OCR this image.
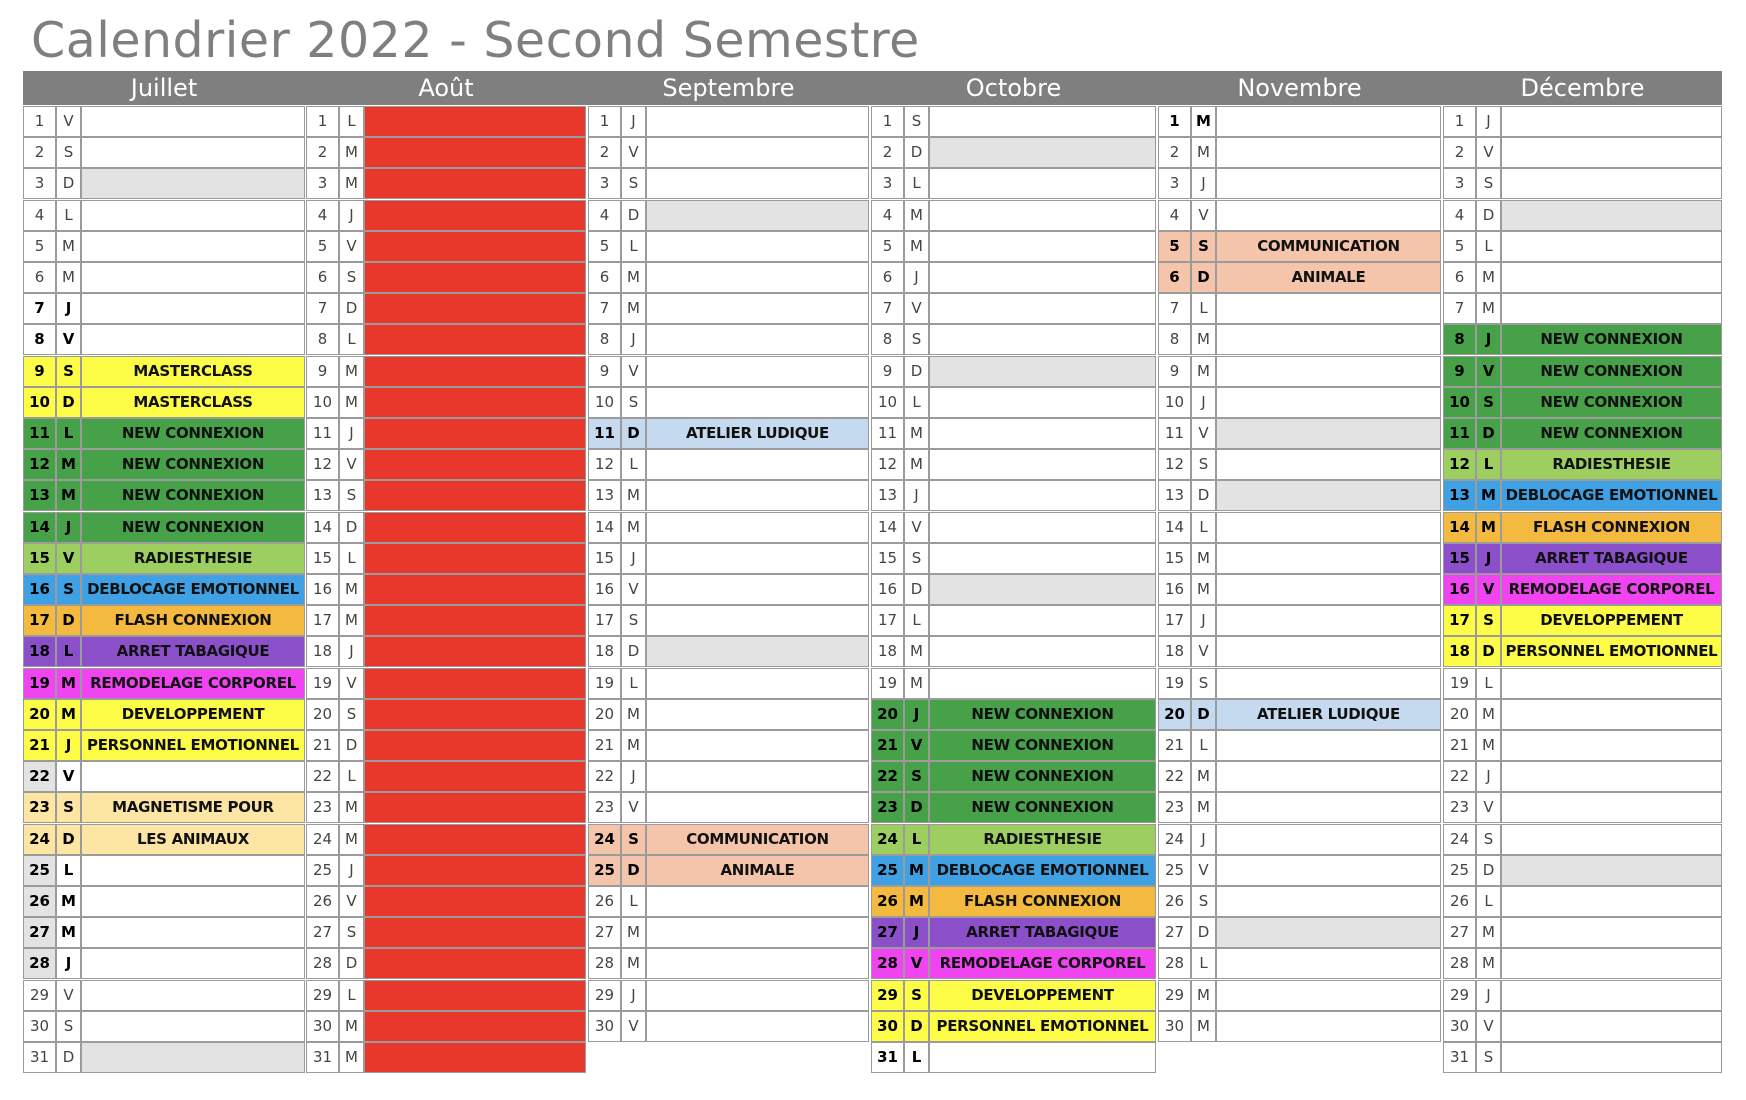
Calendrier 2022 - Second Semestre
Juillet	Août	Septembre	Octobre	Novembre	Décembre
1	V
2	S
3	D
4	L
5	M
6	M
7	J
8	V
9	S	MASTERCLASS
10 D	MASTERCLASS
11 L	NEW CONNEXION
12 M	NEW CONNEXION
13 M	NEW CONNEXION
14	J	NEW CONNEXION
15 V	RADIESTHESIE
16 S DEBLOCAGE EMOTIONNEL
17 D	FLASH CONNEXION
18 L	ARRET TABAGIQUE
19 M REMODELAGE CORPOREL
20 M	DEVELOPPEMENT
21	J	PERSONNEL EMOTIONNEL
22 V
23 S	MAGNETISME POUR
24 D	LES ANIMAUX
25 L
26 M
27 M
28	J
29 V
30 S
31 D
1	L
2	M
3	M
4	J
5	V
6	S
7	D
8	L
9	M
10 M
11	J
12 V
13 S
14 D
15	L
16 M
17 M
18	J
19 V
20 S
21 D
22	L
23 M
24 M
25	J
26 V
27 S
28 D
29	L
30 M
31 M
1	J
2	V
3	S
4	D
5	L
6	M
7	M
8	J
9	V
10 S
11 D	ATELIER LUDIQUE
12	L
13 M
14 M
15	J
16 V
17 S
18 D
19	L
20 M
21 M
22	J
23 V
24 S	COMMUNICATION
25 D	ANIMALE
26	L
27 M
28 M
29	J
30 V
1	S
2	D
3	L
4	M
5	M
6	J
7	V
8	S
9	D
10	L
11 M
12 M
13	J
14 V
15 S
16 D
17	L
18 M
19 M
20	J	NEW CONNEXION
21 V	NEW CONNEXION
22 S	NEW CONNEXION
23 D	NEW CONNEXION
24 L	RADIESTHESIE
25 M DEBLOCAGE EMOTIONNEL
26 M	FLASH CONNEXION
27	J	ARRET TABAGIQUE
28 V	REMODELAGE CORPOREL
29 S	DEVELOPPEMENT
30 D PERSONNEL EMOTIONNEL
31 L
1	M
2	M
3	J
4	V
5	S	COMMUNICATION
6	D	ANIMALE
7	L
8	M
9	M
10	J
11 V
12 S
13 D
14	L
15 M
16 M
17	J
18 V
19 S
20 D	ATELIER LUDIQUE
21	L
22 M
23 M
24	J
25 V
26 S
27 D
28	L
29 M
30 M
1	J
2	V
3	S
4	D
5	L
6	M
7	M
8	J	NEW CONNEXION
9	V	NEW CONNEXION
10 S	NEW CONNEXION
11 D	NEW CONNEXION
12 L	RADIESTHESIE
13 M DEBLOCAGE EMOTIONNEL
14 M	FLASH CONNEXION
15	J	ARRET TABAGIQUE
16 V REMODELAGE CORPOREL
17 S	DEVELOPPEMENT
18 D PERSONNEL EMOTIONNEL
19	L
20 M
21 M
22	J
23 V
24 S
25 D
26	L
27 M
28 M
29	J
30 V
31 S
